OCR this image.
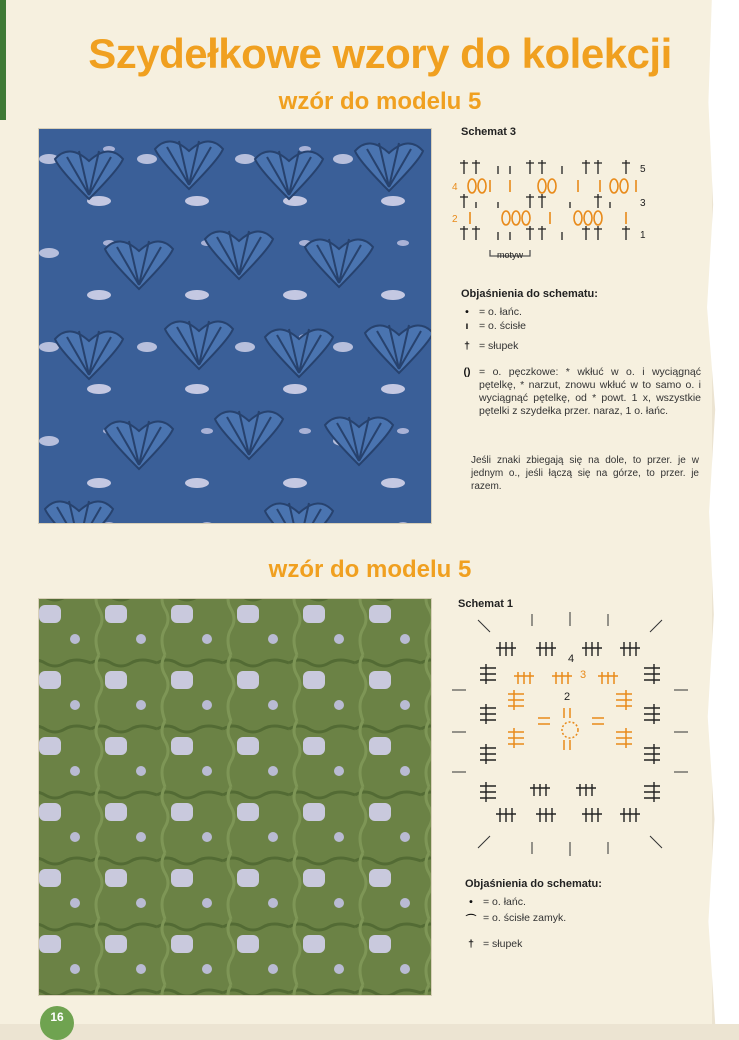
Szydełkowe wzory do kolekcji
wzór do modelu 5
Schemat 3
5
4
3
2
1
motyw
Objaśnienia do schematu:
• = o. łańc.
ı	= o. ścisłe
† = słupek
() = o. pęczkowe: * wkłuć w o. i wyciągnąć pętelkę, * narzut, znowu wkłuć w to samo o. i wyciągnąć pętelkę, od * powt. 1 x, wszystkie pętelki z szydełka przer. naraz, 1 o. łańc.
Jeśli znaki zbiegają się na dole, to przer. je w jednym o., jeśli łączą się na górze, to przer. je razem.
wzór do modelu 5
Schemat 1
4
3
2
Objaśnienia do schematu:
• = o. łańc.
⌒ = o. ścisłe zamyk.
† = słupek
16
